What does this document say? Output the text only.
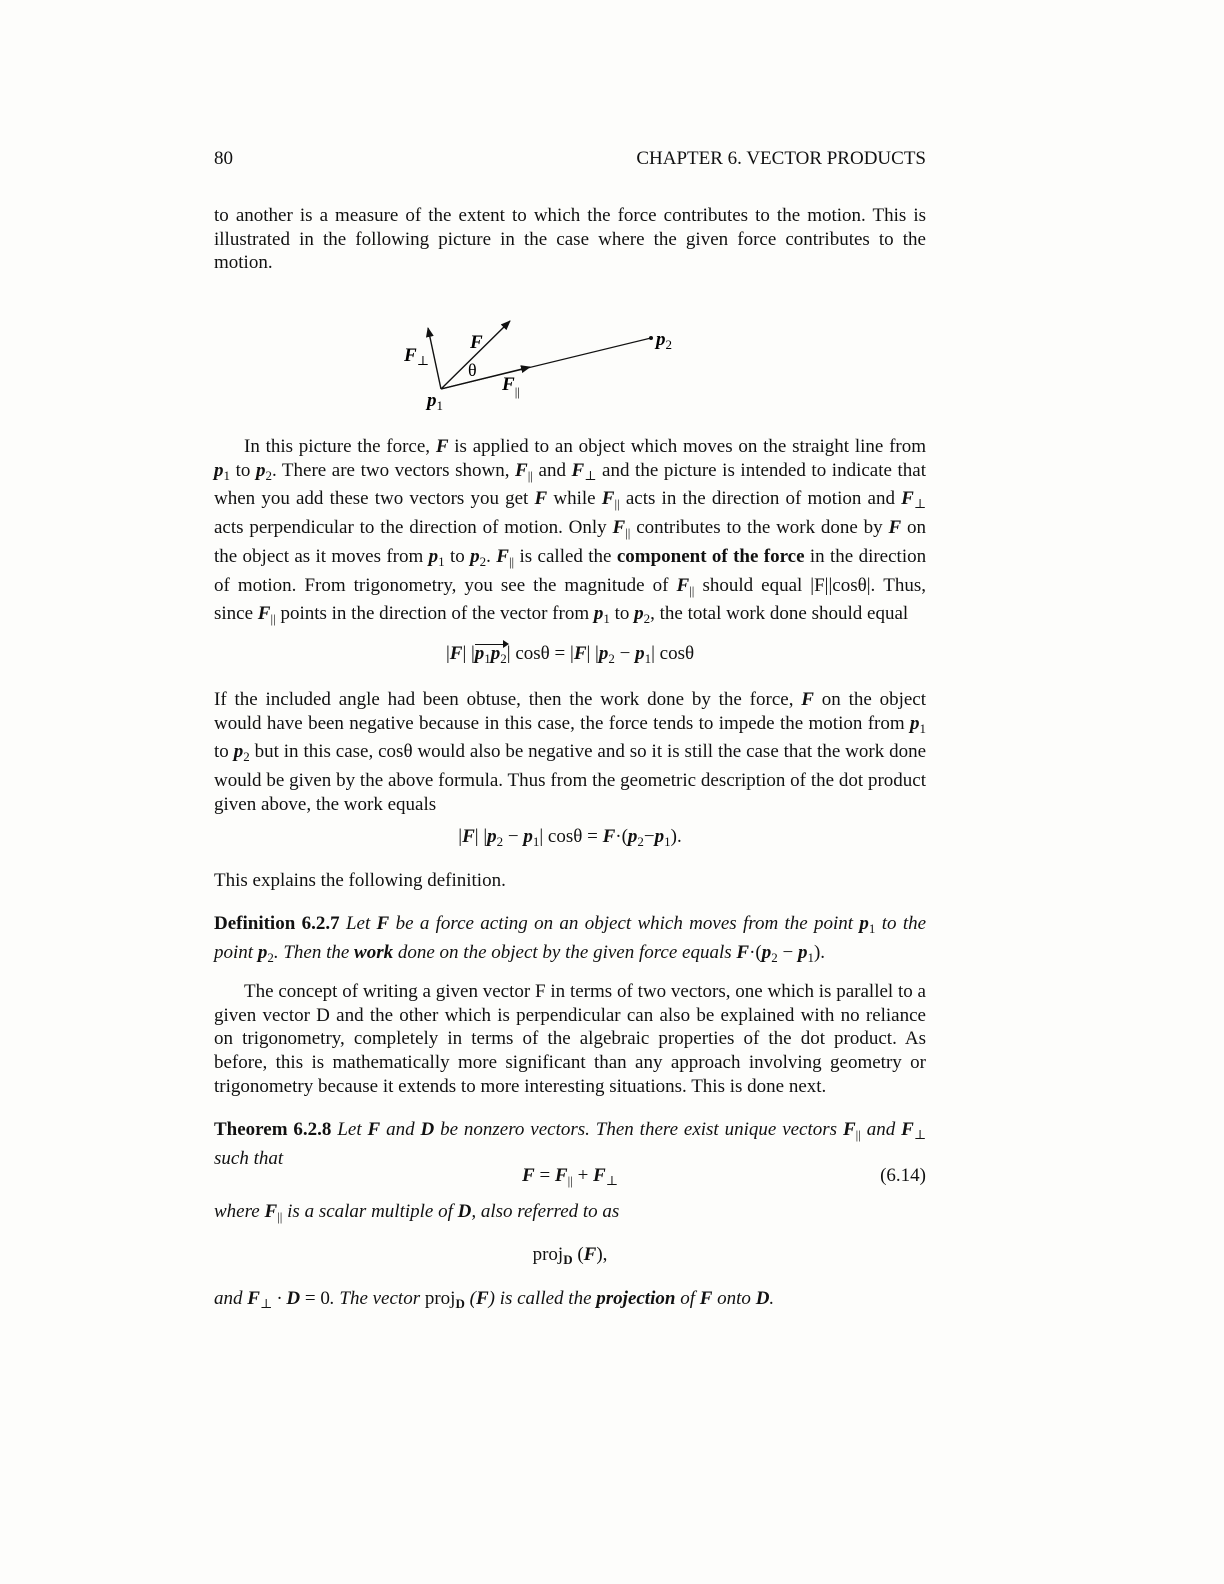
80	CHAPTER 6. VECTOR PRODUCTS

to another is a measure of the extent to which the force contributes to the motion. This is illustrated in the following picture in the case where the given force contributes to the motion.

$F_\perp$
F
θ
$F_{||}$
$p_1$
$p_2$

In this picture the force, F is applied to an object which moves on the straight line from $p_1$ to $p_2$. There are two vectors shown, $F_{||}$ and $F_\perp$ and the picture is intended to indicate that when you add these two vectors you get F while $F_{||}$ acts in the direction of motion and $F_\perp$ acts perpendicular to the direction of motion. Only $F_{||}$ contributes to the work done by F on the object as it moves from $p_1$ to $p_2$. $F_{||}$ is called the component of the force in the direction of motion. From trigonometry, you see the magnitude of $F_{||}$ should equal |F||cosθ|. Thus, since $F_{||}$ points in the direction of the vector from $p_1$ to $p_2$, the total work done should equal

|F| $|p_1p_2|$ cosθ = |F| $|p_2 - p_1|$ cosθ

If the included angle had been obtuse, then the work done by the force, F on the object would have been negative because in this case, the force tends to impede the motion from $p_1$ to $p_2$ but in this case, cosθ would also be negative and so it is still the case that the work done would be given by the above formula. Thus from the geometric description of the dot product given above, the work equals

|F| $|p_2 - p_1|$ $\cos\theta = F\cdot(p_2-p_1)$.

This explains the following definition.

Definition 6.2.7 Let F be a force acting on an object which moves from the point $p_1$ to the point $p_2$. Then the work done on the object by the given force equals $F\cdot(p_2 - p_1)$.

The concept of writing a given vector F in terms of two vectors, one which is parallel to a given vector D and the other which is perpendicular can also be explained with no reliance on trigonometry, completely in terms of the algebraic properties of the dot product. As before, this is mathematically more significant than any approach involving geometry or trigonometry because it extends to more interesting situations. This is done next.

Theorem 6.2.8 Let F and D be nonzero vectors. Then there exist unique vectors $F_{||}$ and $F_\perp$ such that

$F = F_{||} + F_\perp$	(6.14)

where $F_{||}$ is a scalar multiple of D, also referred to as

proj$_D$ (F),

and $F_\perp \cdot D = 0$. The vector proj$_D$ (F) is called the projection of F onto D.
